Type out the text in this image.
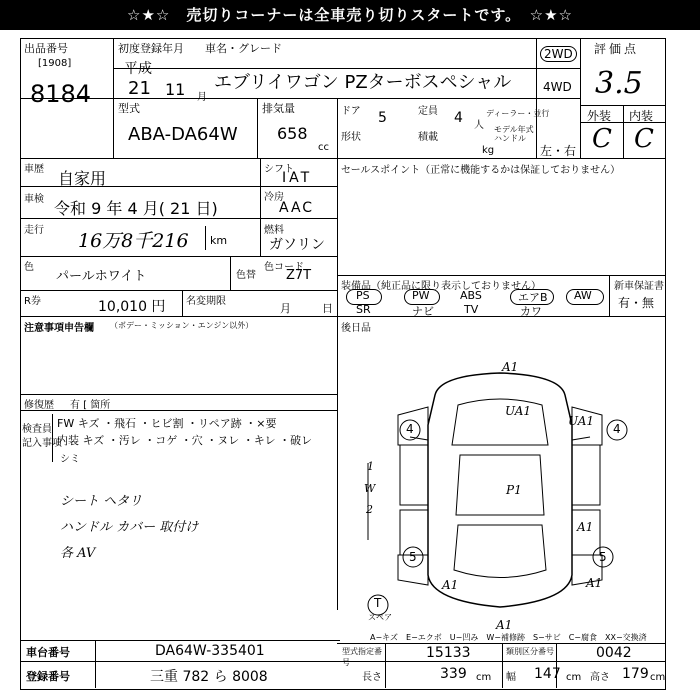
☆★☆　売切りコーナーは全車売り切りスタートです。　☆★☆
出品番号
[1908]
8184
初度登録年月
平成
21 11 月
車名・グレード
エブリイワゴン PZターボスペシャル
2WD
4WD
評価点
3.5
外装 内装
C C
型式
ABA-DA64W
排気量
658
cc
ドア 5	定員 4 人
形状	積載
ディーラー・並行
モデル年式 ハンドル
kg	左・右
車歴 自家用	シフト
IAT
車検 令和 9 年 4 月( 21 日)
冷房
AAC
走行 16万8千216 km
燃料
ガソリン
色
パールホワイト	色替
色コード
Z7T
R券	10,010 円 名変期限
月	日
セールスポイント（正常に機能するかは保証しておりません）
装備品（純正品に限り表示しておりません）	新車保証書
有・無
PS	PW	ABS	エアB AW
SR	ナビ	TV	カワ
注意事項申告欄 （ボデー・ミッション・エンジン以外）	後日品
修復歴 有 [ 箇所
検査員
記入事項
FW キズ ・飛石 ・ヒビ割 ・リペア跡 ・×要
内装 キズ ・汚レ ・コゲ ・穴 ・ヌレ ・キレ ・破レ
シミ
シート ヘタリ
ハンドル カバー 取付け
各 AV
A1
UA1
UA1
P1
A1
A1
A1
A1
4	4
5	5
T
スペア
1
W
2
A−キズ　E−エクボ　U−凹み　W−補修跡　S−サビ　C−腐食　XX−交換済
車台番号	DA64W-335401
登録番号	三重 782 ら 8008
型式指定番号
15133	類別区分番号	0042
長さ	339 cm 幅 147 cm 高さ 179 cm
